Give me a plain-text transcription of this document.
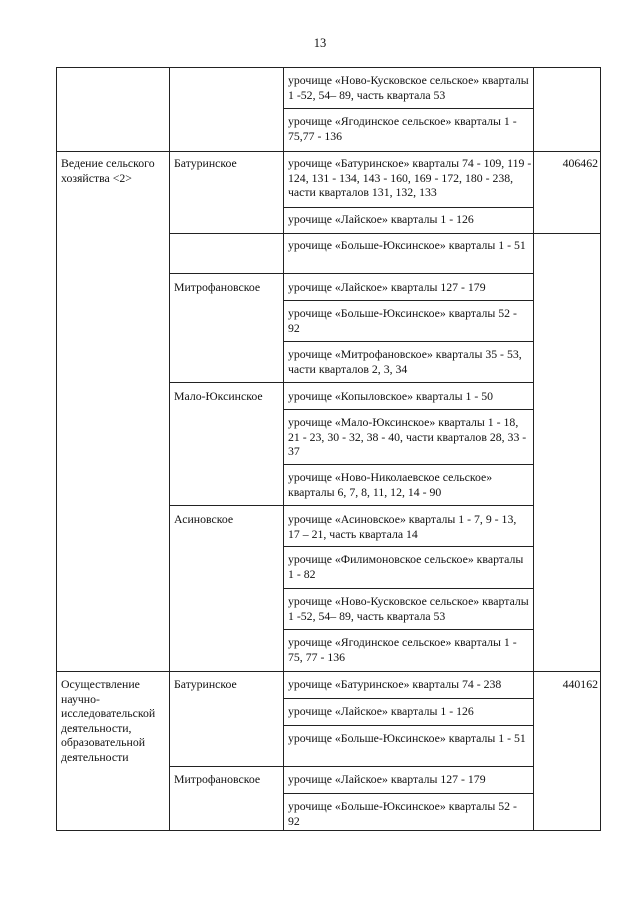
13
Ведение сельского хозяйства <2>
Осуществление научно-исследовательской деятельности, образовательной деятельности
Батуринское
Митрофановское
Мало-Юксинское
Асиновское
Батуринское
Митрофановское
урочище «Ново-Кусковское сельское» кварталы 1 -52, 54– 89, часть квартала 53
урочище «Ягодинское сельское» кварталы 1 - 75,77 - 136
урочище «Батуринское» кварталы 74 - 109, 119 - 124, 131 - 134, 143 - 160, 169 - 172, 180 - 238, части кварталов 131, 132, 133
урочище «Лайское» кварталы 1 - 126
урочище «Больше-Юксинское» кварталы 1 - 51
урочище «Лайское» кварталы 127 - 179
урочище «Больше-Юксинское» кварталы 52 - 92
урочище «Митрофановское» кварталы 35 - 53, части кварталов 2, 3, 34
урочище «Копыловское» кварталы 1 - 50
урочище «Мало-Юксинское» кварталы 1 - 18, 21 - 23, 30 - 32, 38 - 40, части кварталов 28, 33 - 37
урочище «Ново-Николаевское сельское» кварталы 6, 7, 8, 11, 12, 14 - 90
урочище «Асиновское» кварталы 1 - 7, 9 - 13, 17 – 21, часть квартала 14
урочище «Филимоновское сельское» кварталы 1 - 82
урочище «Ново-Кусковское сельское» кварталы 1 -52, 54– 89, часть квартала 53
урочище «Ягодинское сельское» кварталы 1 - 75, 77 - 136
урочище «Батуринское» кварталы 74 - 238
урочище «Лайское» кварталы 1 - 126
урочище «Больше-Юксинское» кварталы 1 - 51
урочище «Лайское» кварталы 127 - 179
урочище «Больше-Юксинское» кварталы 52 - 92
406462
440162
